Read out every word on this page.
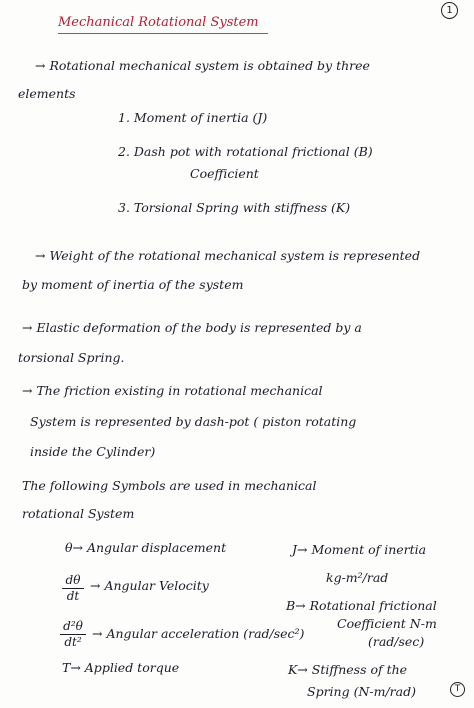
1
Mechanical Rotational System
→ Rotational mechanical system is obtained by three
elements
1. Moment of inertia (J)
2. Dash pot with rotational frictional (B)
Coefficient
3. Torsional Spring with stiffness (K)
→ Weight of the rotational mechanical system is represented
by moment of inertia of the system
→ Elastic deformation of the body is represented by a
torsional Spring.
→ The friction existing in rotational mechanical
System is represented by dash-pot ( piston rotating
inside the Cylinder)
The following Symbols are used in mechanical
rotational System
θ→ Angular displacement
dθ
dt
→ Angular Velocity
d²θ
dt²
→ Angular acceleration (rad/sec²)
T→ Applied torque
J→ Moment of inertia
kg-m²/rad
B→ Rotational frictional
Coefficient N-m
(rad/sec)
K→ Stiffness of the
Spring (N-m/rad)	T
